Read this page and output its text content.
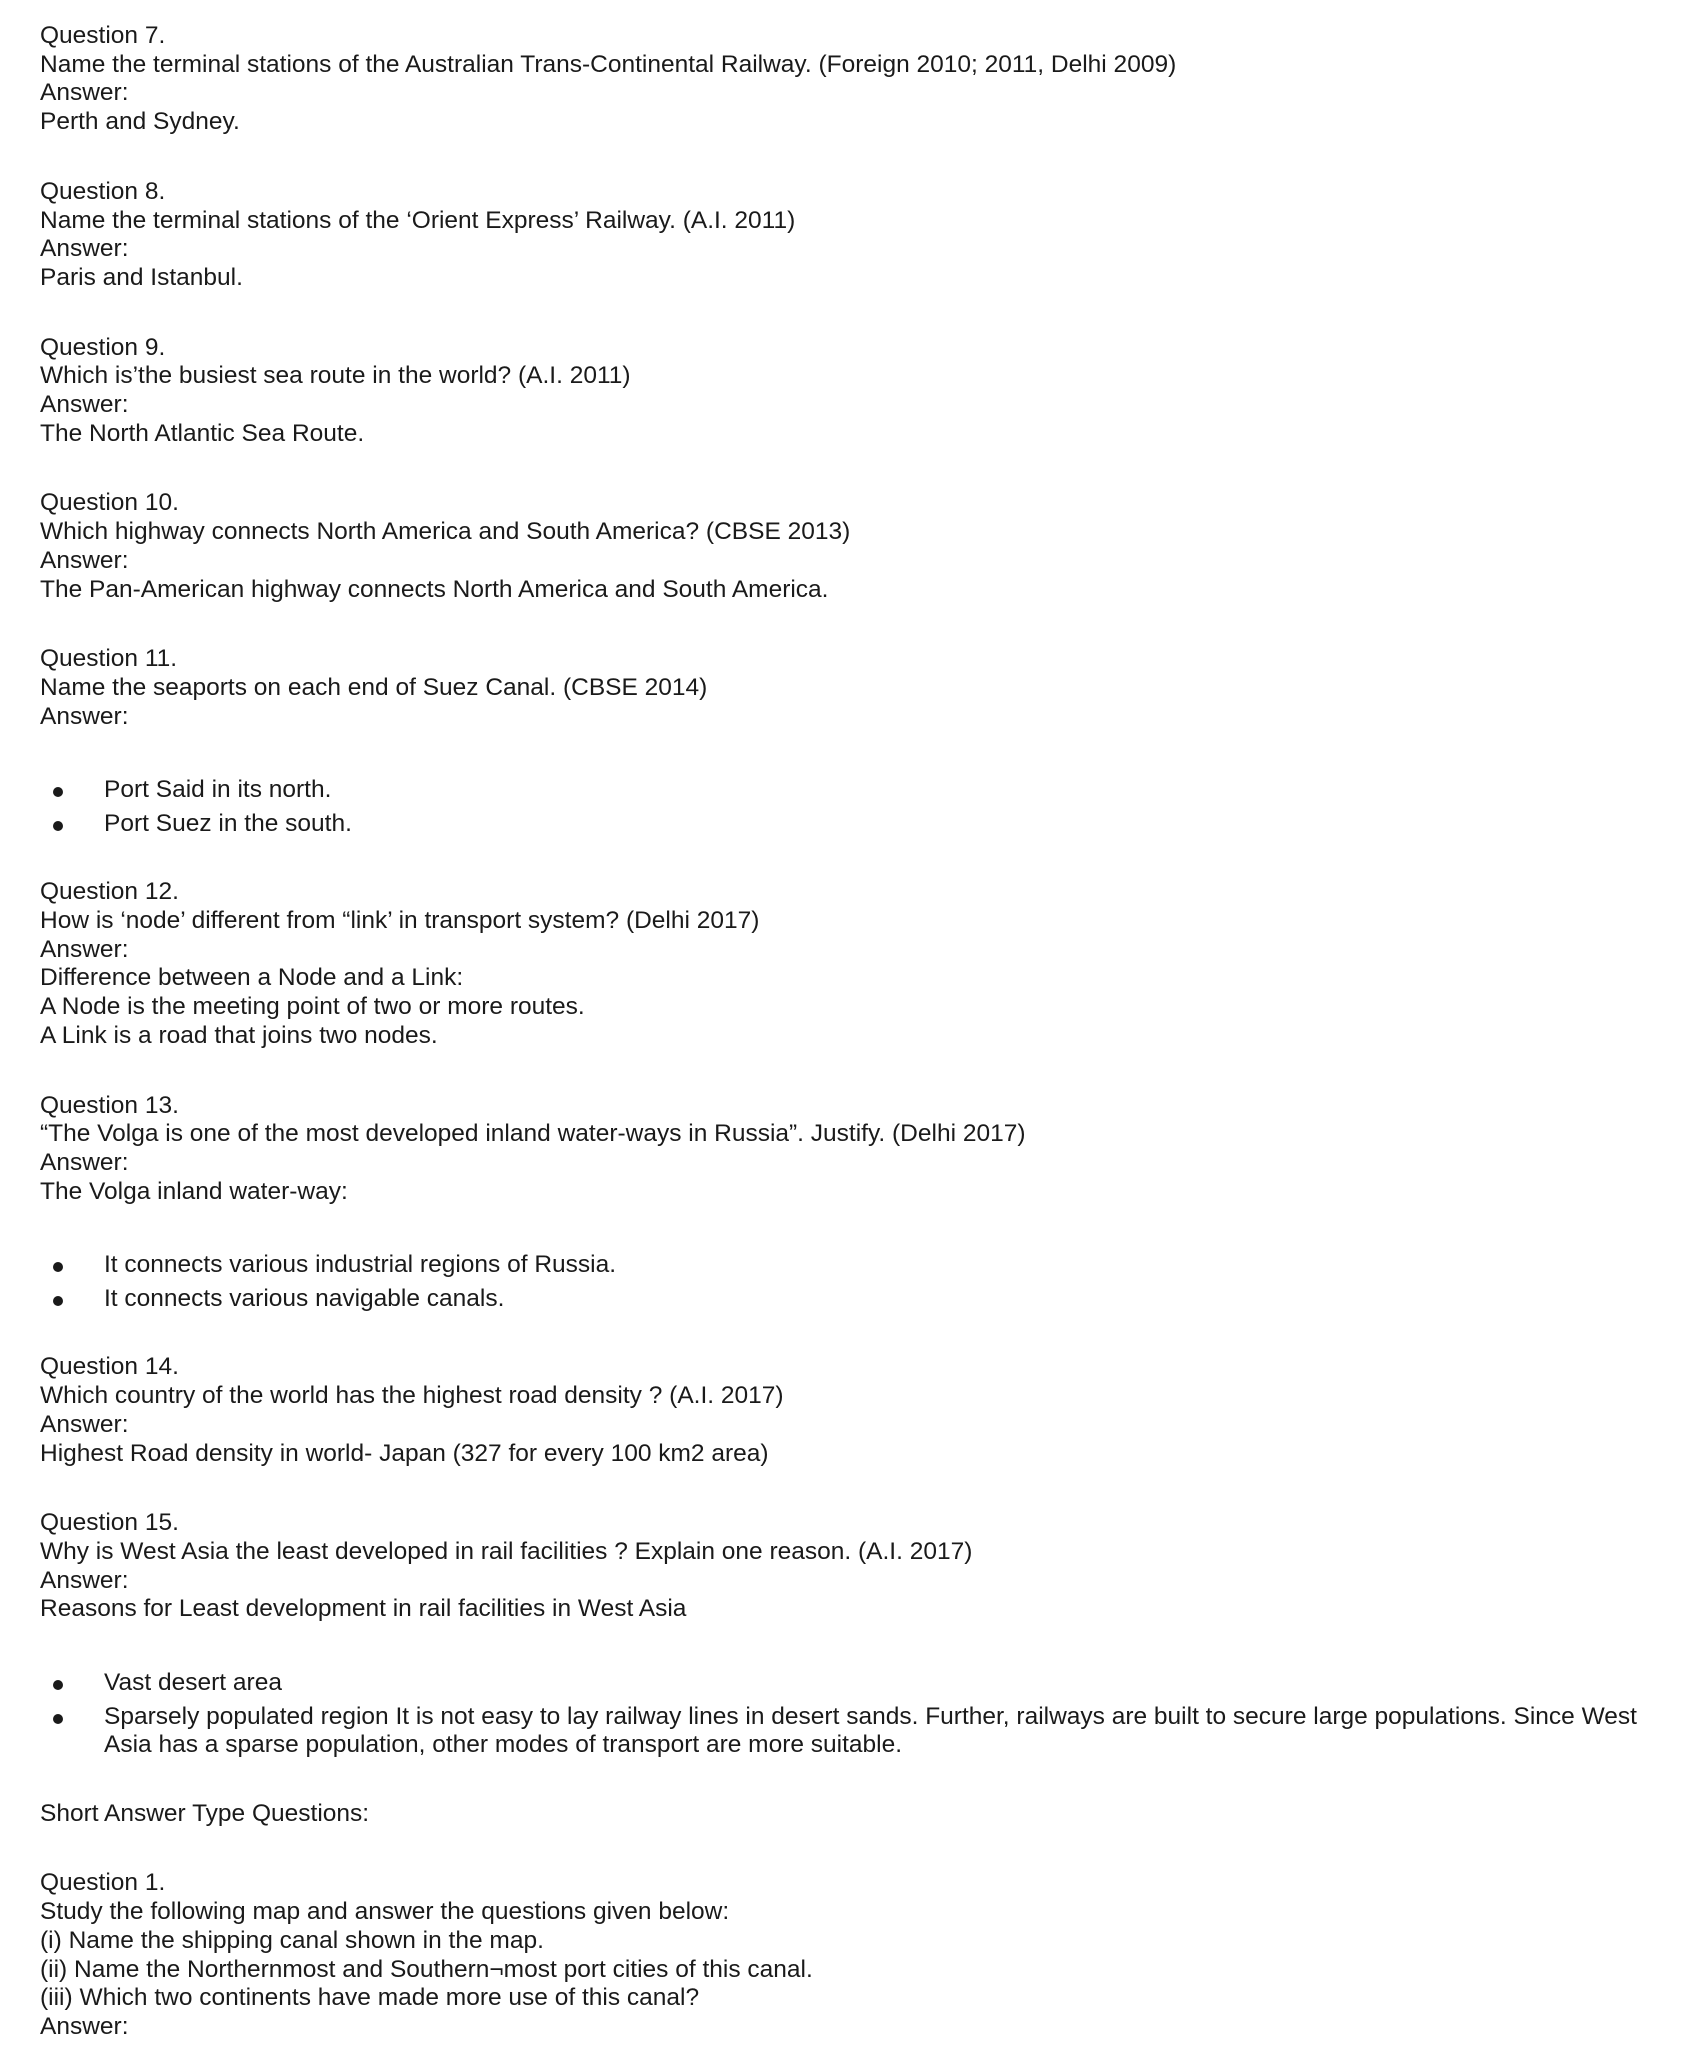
Question 7.
Name the terminal stations of the Australian Trans-Continental Railway. (Foreign 2010; 2011, Delhi 2009)
Answer:
Perth and Sydney.
Question 8.
Name the terminal stations of the ‘Orient Express’ Railway. (A.I. 2011)
Answer:
Paris and Istanbul.
Question 9.
Which is’the busiest sea route in the world? (A.I. 2011)
Answer:
The North Atlantic Sea Route.
Question 10.
Which highway connects North America and South America? (CBSE 2013)
Answer:
The Pan-American highway connects North America and South America.
Question 11.
Name the seaports on each end of Suez Canal. (CBSE 2014)
Answer:
Port Said in its north.
Port Suez in the south.
Question 12.
How is ‘node’ different from “link’ in transport system? (Delhi 2017)
Answer:
Difference between a Node and a Link:
A Node is the meeting point of two or more routes.
A Link is a road that joins two nodes.
Question 13.
“The Volga is one of the most developed inland water-ways in Russia”. Justify. (Delhi 2017)
Answer:
The Volga inland water-way:
It connects various industrial regions of Russia.
It connects various navigable canals.
Question 14.
Which country of the world has the highest road density ? (A.I. 2017)
Answer:
Highest Road density in world- Japan (327 for every 100 km2 area)
Question 15.
Why is West Asia the least developed in rail facilities ? Explain one reason. (A.I. 2017)
Answer:
Reasons for Least development in rail facilities in West Asia
Vast desert area
Sparsely populated region It is not easy to lay railway lines in desert sands. Further, railways are built to secure large populations. Since West Asia has a sparse population, other modes of transport are more suitable.
Short Answer Type Questions:
Question 1.
Study the following map and answer the questions given below:
(i) Name the shipping canal shown in the map.
(ii) Name the Northernmost and Southern¬most port cities of this canal.
(iii) Which two continents have made more use of this canal?
Answer:
